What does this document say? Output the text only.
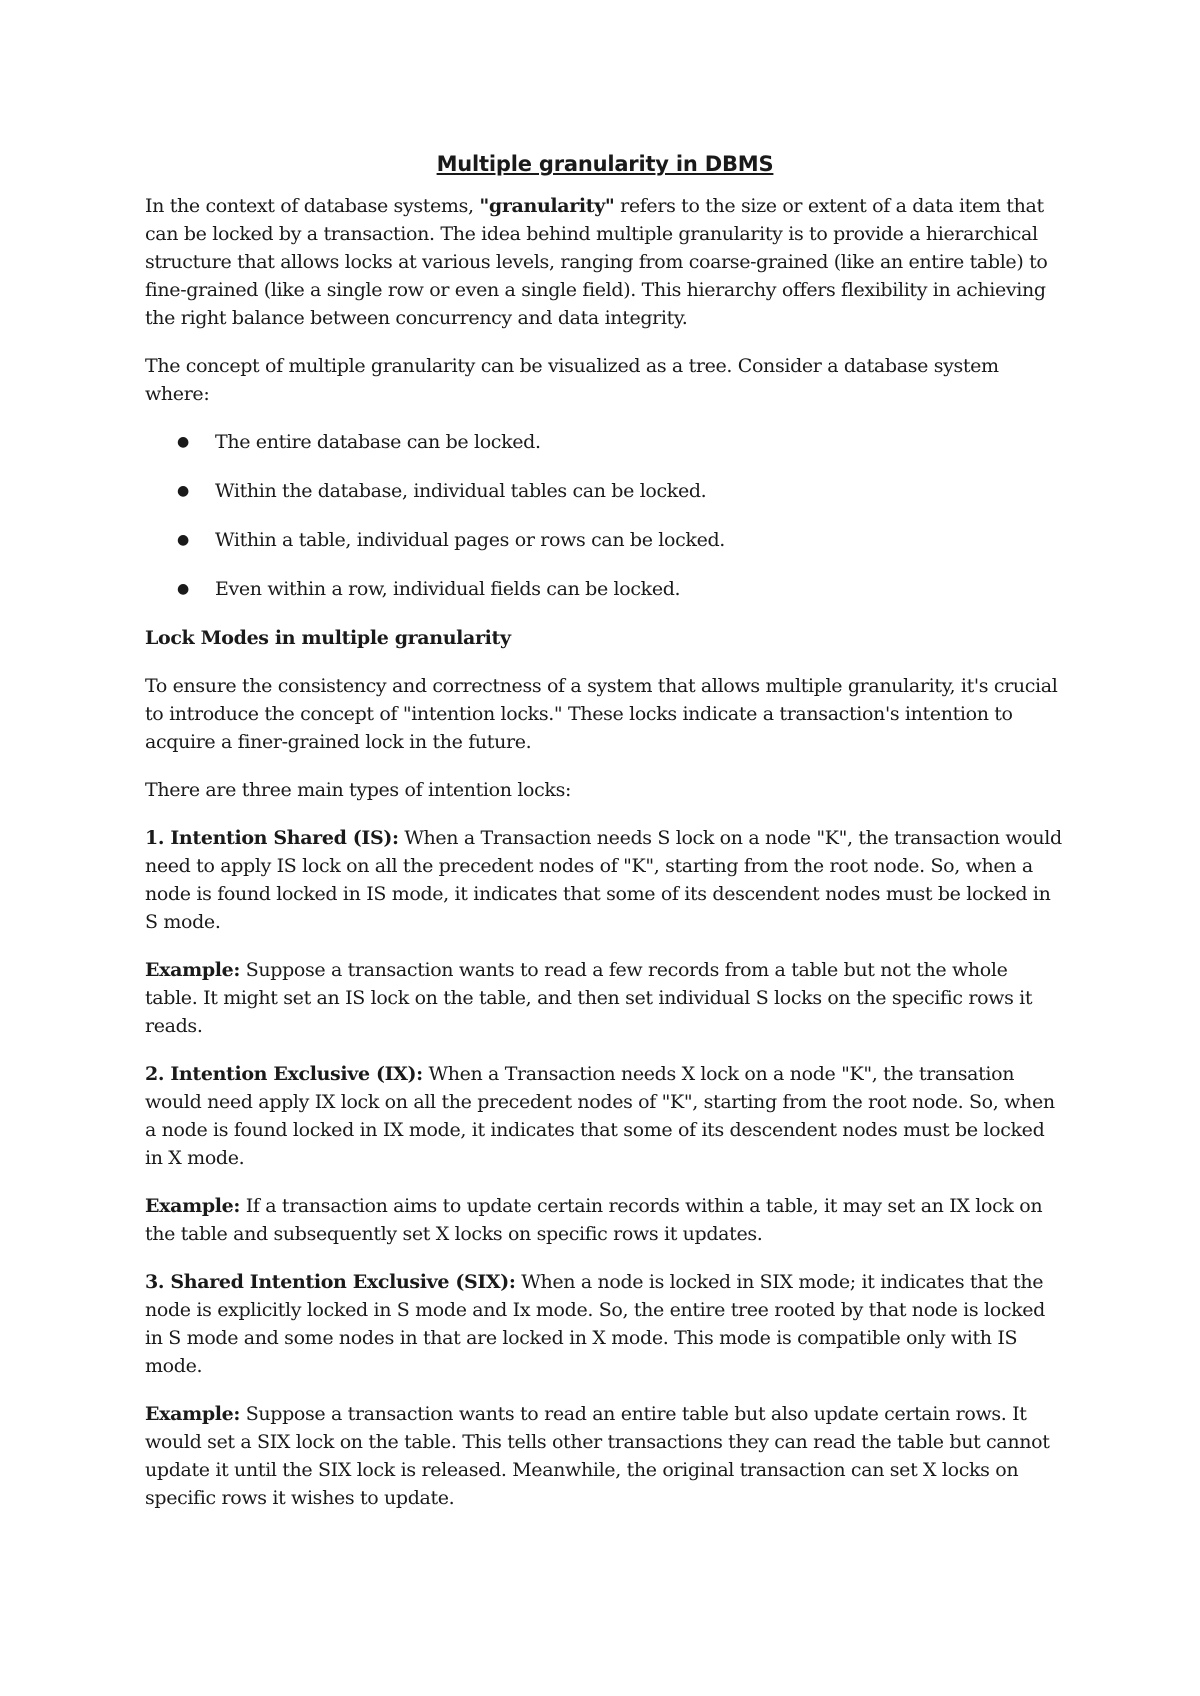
Multiple granularity in DBMS

In the context of database systems, "granularity" refers to the size or extent of a data item that can be locked by a transaction. The idea behind multiple granularity is to provide a hierarchical structure that allows locks at various levels, ranging from coarse-grained (like an entire table) to fine-grained (like a single row or even a single field). This hierarchy offers flexibility in achieving the right balance between concurrency and data integrity.

The concept of multiple granularity can be visualized as a tree. Consider a database system where:

● The entire database can be locked.
● Within the database, individual tables can be locked.
● Within a table, individual pages or rows can be locked.
● Even within a row, individual fields can be locked.
Lock Modes in multiple granularity

To ensure the consistency and correctness of a system that allows multiple granularity, it's crucial to introduce the concept of "intention locks." These locks indicate a transaction's intention to acquire a finer-grained lock in the future.

There are three main types of intention locks:

1. Intention Shared (IS): When a Transaction needs S lock on a node "K", the transaction would need to apply IS lock on all the precedent nodes of "K", starting from the root node. So, when a node is found locked in IS mode, it indicates that some of its descendent nodes must be locked in S mode.

Example: Suppose a transaction wants to read a few records from a table but not the whole table. It might set an IS lock on the table, and then set individual S locks on the specific rows it reads.

2. Intention Exclusive (IX): When a Transaction needs X lock on a node "K", the transation would need apply IX lock on all the precedent nodes of "K", starting from the root node. So, when a node is found locked in IX mode, it indicates that some of its descendent nodes must be locked in X mode.

Example: If a transaction aims to update certain records within a table, it may set an IX lock on the table and subsequently set X locks on specific rows it updates.

3. Shared Intention Exclusive (SIX): When a node is locked in SIX mode; it indicates that the node is explicitly locked in S mode and Ix mode. So, the entire tree rooted by that node is locked in S mode and some nodes in that are locked in X mode. This mode is compatible only with IS mode.

Example: Suppose a transaction wants to read an entire table but also update certain rows. It would set a SIX lock on the table. This tells other transactions they can read the table but cannot update it until the SIX lock is released. Meanwhile, the original transaction can set X locks on specific rows it wishes to update.
